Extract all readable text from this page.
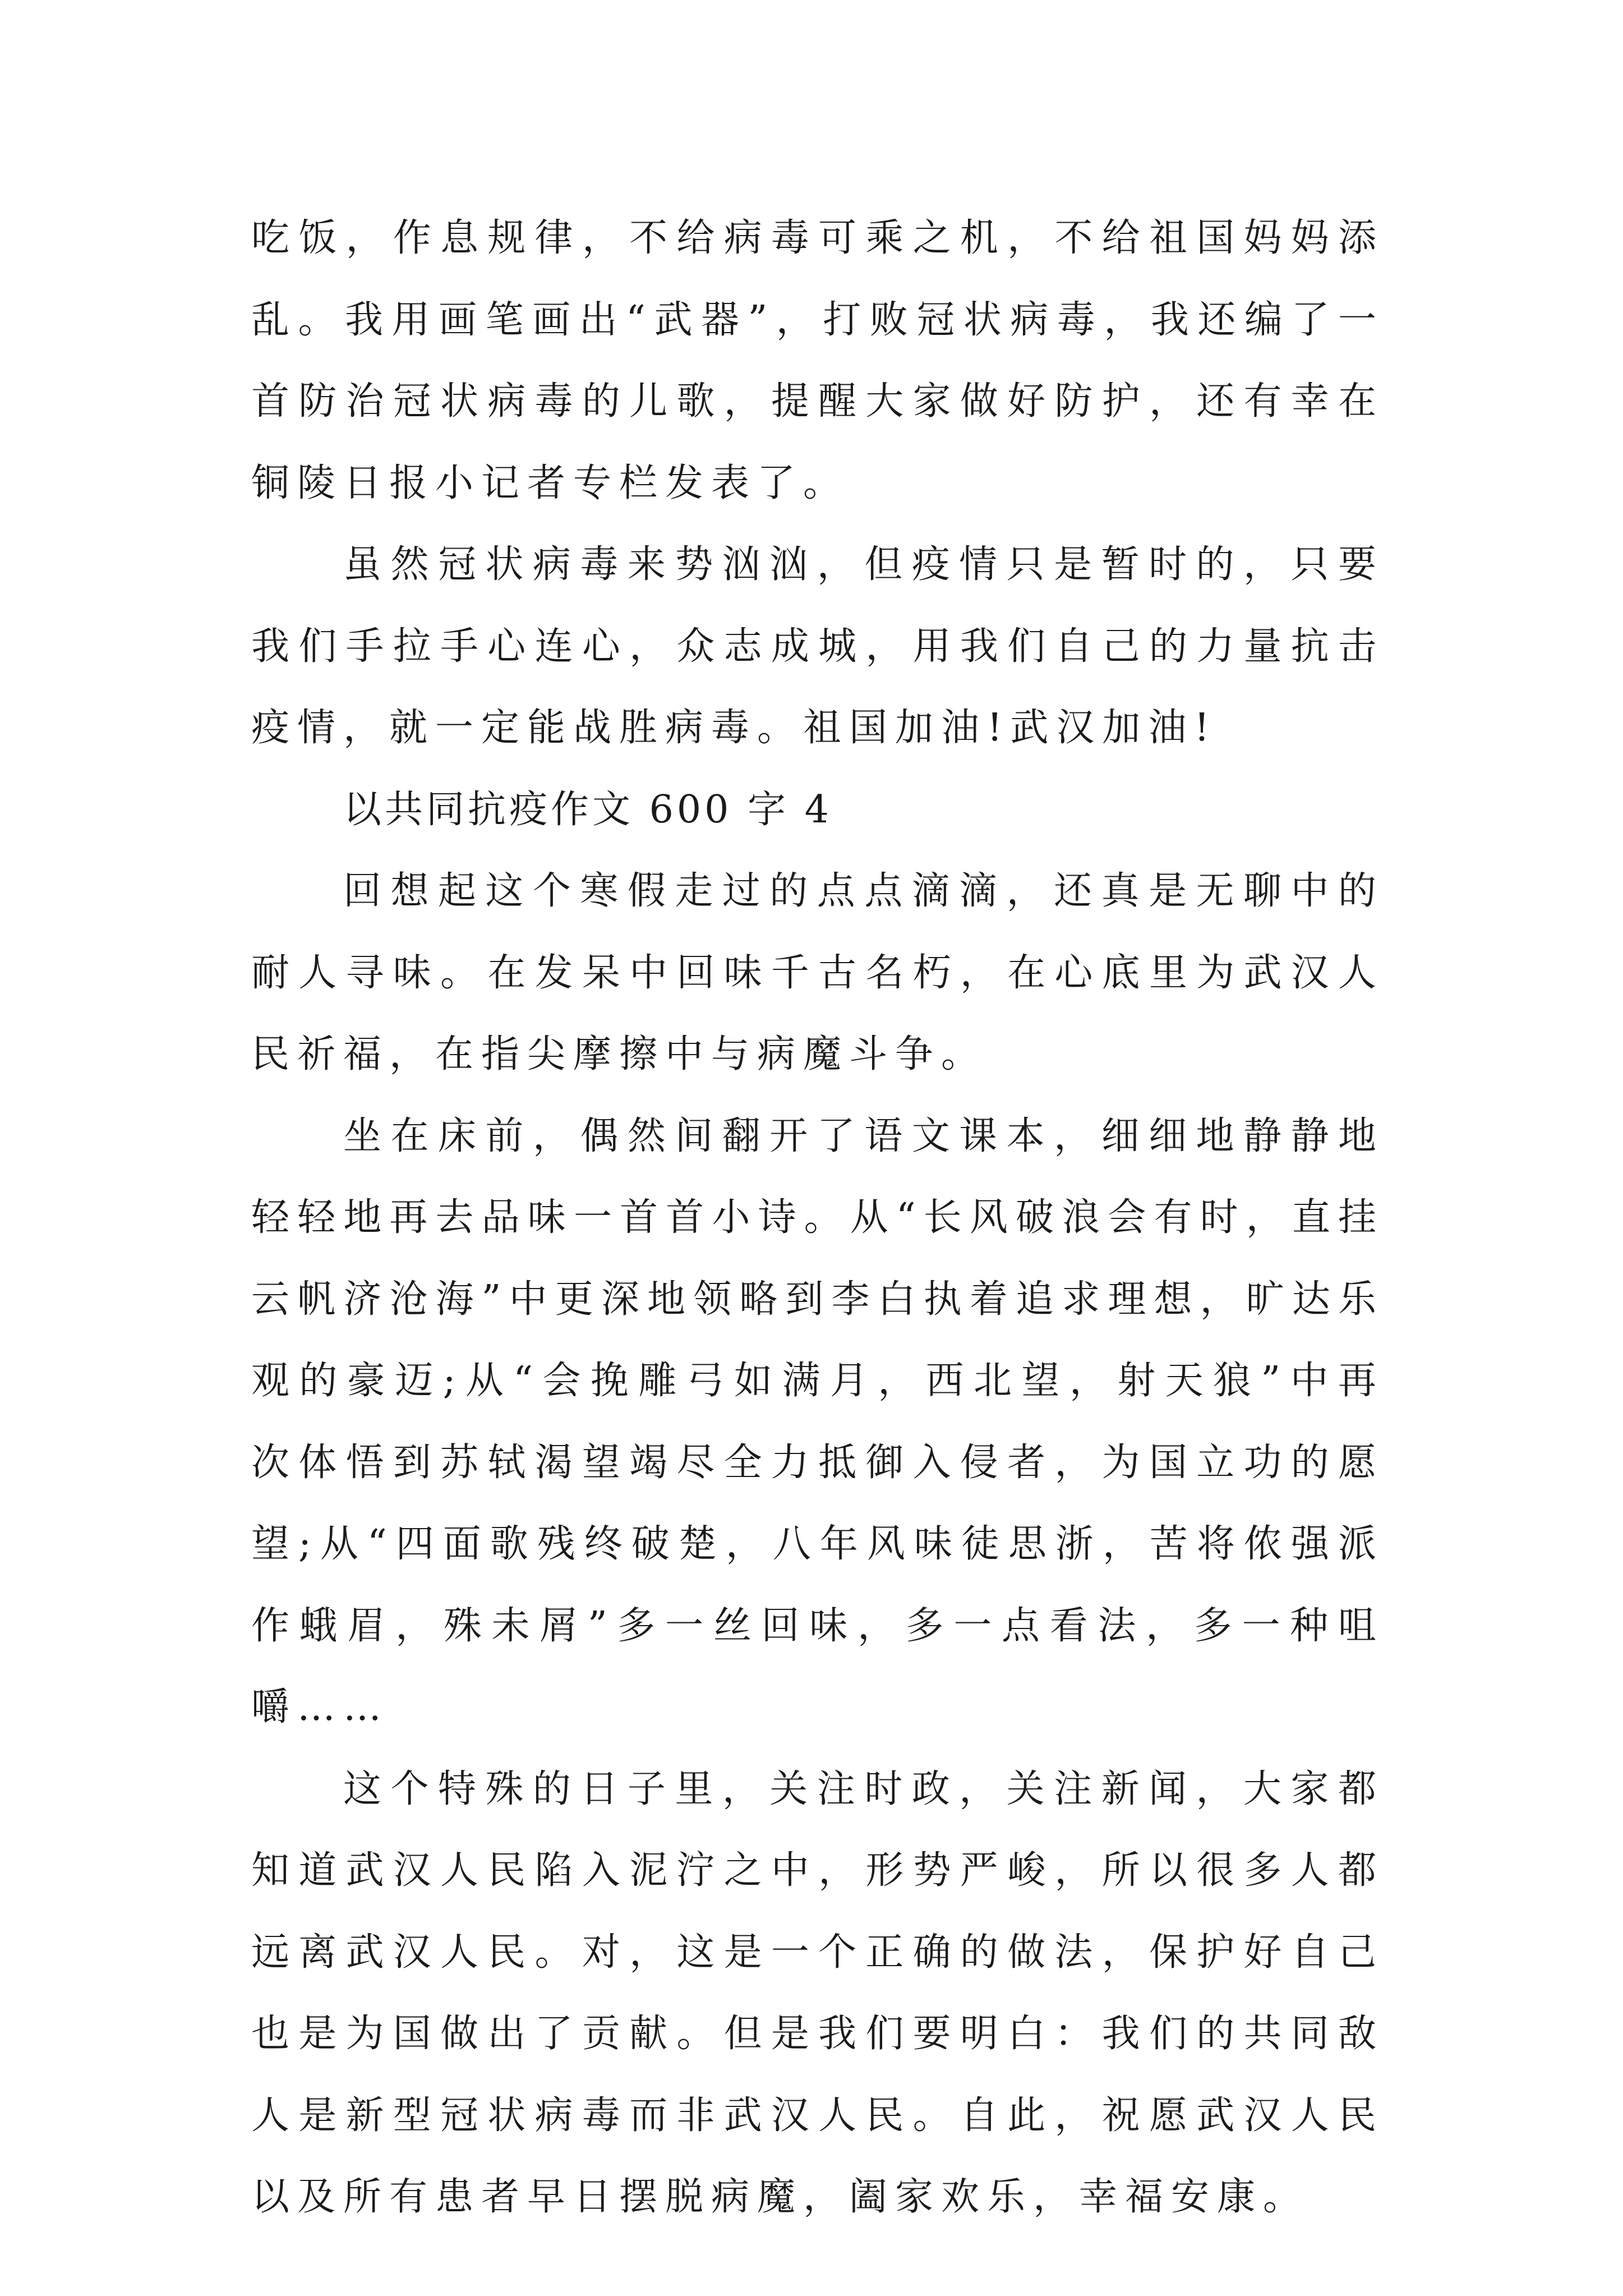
吃饭，作息规律，不给病毒可乘之机，不给祖国妈妈添乱。我用画笔画出“武器”，打败冠状病毒，我还编了一首防治冠状病毒的儿歌，提醒大家做好防护，还有幸在铜陵日报小记者专栏发表了。

虽然冠状病毒来势汹汹，但疫情只是暂时的，只要我们手拉手心连心，众志成城，用我们自己的力量抗击疫情，就一定能战胜病毒。祖国加油!武汉加油!

以共同抗疫作文 600 字 4

回想起这个寒假走过的点点滴滴，还真是无聊中的耐人寻味。在发呆中回味千古名朽，在心底里为武汉人民祈福，在指尖摩擦中与病魔斗争。

坐在床前，偶然间翻开了语文课本，细细地静静地轻轻地再去品味一首首小诗。从“长风破浪会有时，直挂云帆济沧海”中更深地领略到李白执着追求理想，旷达乐观的豪迈;从“会挽雕弓如满月，西北望，射天狼”中再次体悟到苏轼渴望竭尽全力抵御入侵者，为国立功的愿望;从“四面歌残终破楚，八年风味徒思浙，苦将侬强派作蛾眉，殊未屑”多一丝回味，多一点看法，多一种咀嚼……

这个特殊的日子里，关注时政，关注新闻，大家都知道武汉人民陷入泥泞之中，形势严峻，所以很多人都远离武汉人民。对，这是一个正确的做法，保护好自己也是为国做出了贡献。但是我们要明白：我们的共同敌人是新型冠状病毒而非武汉人民。自此，祝愿武汉人民以及所有患者早日摆脱病魔，阖家欢乐，幸福安康。
